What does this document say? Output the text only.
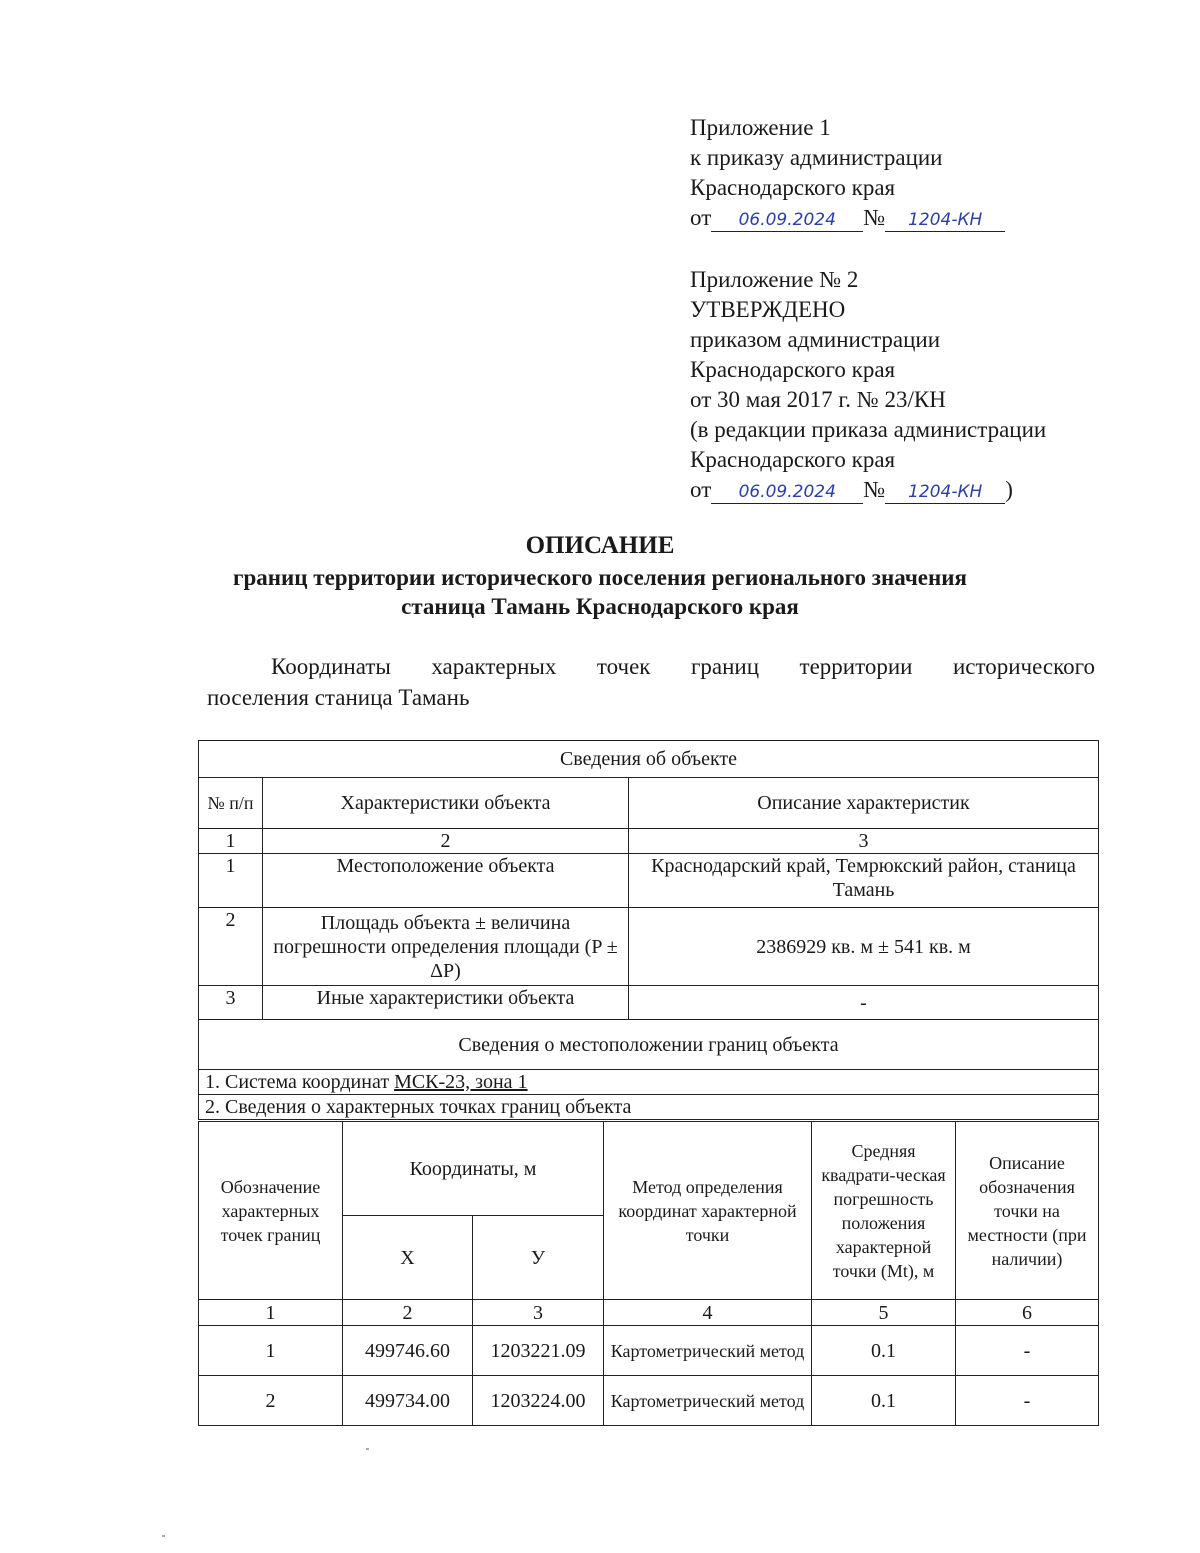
Приложение 1
к приказу администрации
Краснодарского края
от 06.09.2024 № 1204-КН
Приложение № 2
УТВЕРЖДЕНО
приказом администрации
Краснодарского края
от 30 мая 2017 г. № 23/КН
(в редакции приказа администрации
Краснодарского края
от 06.09.2024 № 1204-КН )
ОПИСАНИЕ
границ территории исторического поселения регионального значения
станица Тамань Краснодарского края
Координаты характерных точек границ территории исторического
поселения станица Тамань
Сведения об объекте		
№ п/п	Характеристики объекта	Описание характеристик
1	2	3
1	Местоположение объекта	Краснодарский край, Темрюкский район, станица Тамань
2	Площадь объекта ± величина погрешности определения площади (P ± ΔP)	2386929 кв. м ± 541 кв. м
3	Иные характеристики объекта	-
Сведения о местоположении границ объекта		
1. Система координат МСК-23, зона 1		
2. Сведения о характерных точках границ объекта		
Обозначение характерных точек границ	Координаты, м		Метод определения координат характерной точки	Средняя квадрати-ческая погрешность положения характерной точки (Mt), м	Описание обозначения точки на местности (при наличии)
	X	У			
1	2	3	4	5	6
1	499746.60	1203221.09	Картометрический метод	0.1	-
2	499734.00	1203224.00	Картометрический метод	0.1	-
